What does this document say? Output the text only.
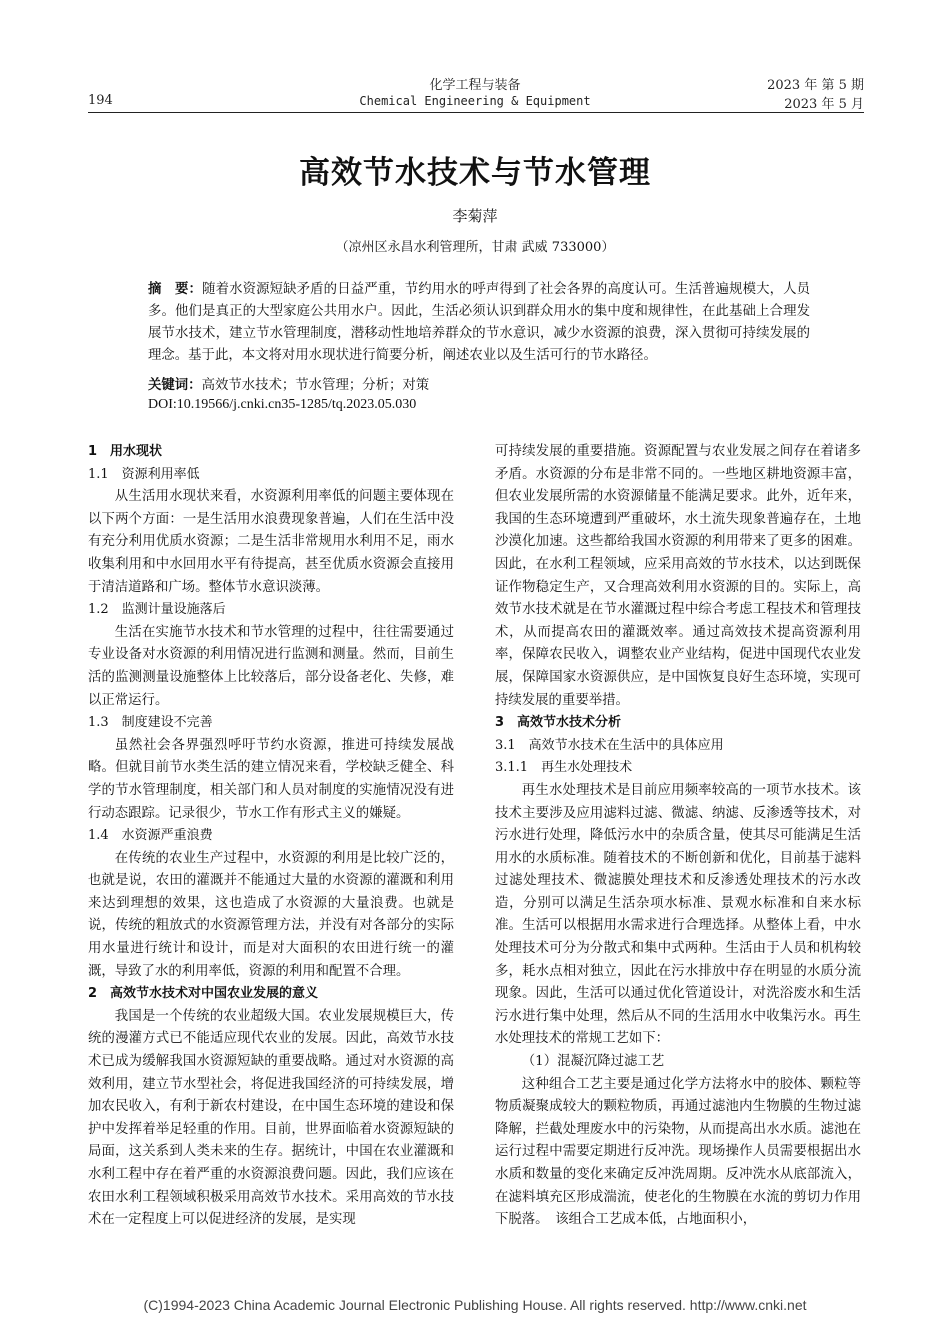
化学工程与装备	2023 年 第 5 期
194	Chemical Engineering & Equipment	2023 年 5 月
高效节水技术与节水管理
李菊萍
（凉州区永昌水利管理所，甘肃 武威 733000）
摘　要：随着水资源短缺矛盾的日益严重，节约用水的呼声得到了社会各界的高度认可。生活普遍规模大，人员多。他们是真正的大型家庭公共用水户。因此，生活必须认识到群众用水的集中度和规律性，在此基础上合理发展节水技术，建立节水管理制度，潜移动性地培养群众的节水意识，减少水资源的浪费，深入贯彻可持续发展的理念。基于此，本文将对用水现状进行简要分析，阐述农业以及生活可行的节水路径。
关键词：高效节水技术；节水管理；分析；对策
DOI:10.19566/j.cnki.cn35-1285/tq.2023.05.030

1　用水现状

1.1　资源利用率低

从生活用水现状来看，水资源利用率低的问题主要体现在以下两个方面：一是生活用水浪费现象普遍，人们在生活中没有充分利用优质水资源；二是生活非常规用水利用不足，雨水收集利用和中水回用水平有待提高，甚至优质水资源会直接用于清洁道路和广场。整体节水意识淡薄。

1.2　监测计量设施落后

生活在实施节水技术和节水管理的过程中，往往需要通过专业设备对水资源的利用情况进行监测和测量。然而，目前生活的监测测量设施整体上比较落后，部分设备老化、失修，难以正常运行。

1.3　制度建设不完善

虽然社会各界强烈呼吁节约水资源，推进可持续发展战略。但就目前节水类生活的建立情况来看，学校缺乏健全、科学的节水管理制度，相关部门和人员对制度的实施情况没有进行动态跟踪。记录很少，节水工作有形式主义的嫌疑。

1.4　水资源严重浪费

在传统的农业生产过程中，水资源的利用是比较广泛的，也就是说，农田的灌溉并不能通过大量的水资源的灌溉和利用来达到理想的效果，这也造成了水资源的大量浪费。也就是说，传统的粗放式的水资源管理方法，并没有对各部分的实际用水量进行统计和设计，而是对大面积的农田进行统一的灌溉，导致了水的利用率低，资源的利用和配置不合理。

2　高效节水技术对中国农业发展的意义

我国是一个传统的农业超级大国。农业发展规模巨大，传统的漫灌方式已不能适应现代农业的发展。因此，高效节水技术已成为缓解我国水资源短缺的重要战略。通过对水资源的高效利用，建立节水型社会，将促进我国经济的可持续发展，增加农民收入，有利于新农村建设，在中国生态环境的建设和保护中发挥着举足轻重的作用。目前，世界面临着水资源短缺的局面，这关系到人类未来的生存。据统计，中国在农业灌溉和水利工程中存在着严重的水资源浪费问题。因此，我们应该在农田水利工程领域积极采用高效节水技术。采用高效的节水技术在一定程度上可以促进经济的发展，是实现

可持续发展的重要措施。资源配置与农业发展之间存在着诸多矛盾。水资源的分布是非常不同的。一些地区耕地资源丰富，但农业发展所需的水资源储量不能满足要求。此外，近年来，我国的生态环境遭到严重破坏，水土流失现象普遍存在，土地沙漠化加速。这些都给我国水资源的利用带来了更多的困难。因此，在水利工程领域，应采用高效的节水技术，以达到既保证作物稳定生产，又合理高效利用水资源的目的。实际上，高效节水技术就是在节水灌溉过程中综合考虑工程技术和管理技术，从而提高农田的灌溉效率。通过高效技术提高资源利用率，保障农民收入，调整农业产业结构，促进中国现代农业发展，保障国家水资源供应，是中国恢复良好生态环境，实现可持续发展的重要举措。

3　高效节水技术分析

3.1　高效节水技术在生活中的具体应用

3.1.1　再生水处理技术

再生水处理技术是目前应用频率较高的一项节水技术。该技术主要涉及应用滤料过滤、微滤、纳滤、反渗透等技术，对污水进行处理，降低污水中的杂质含量，使其尽可能满足生活用水的水质标准。随着技术的不断创新和优化，目前基于滤料过滤处理技术、微滤膜处理技术和反渗透处理技术的污水改造，分别可以满足生活杂项水标准、景观水标准和自来水标准。生活可以根据用水需求进行合理选择。从整体上看，中水处理技术可分为分散式和集中式两种。生活由于人员和机构较多，耗水点相对独立，因此在污水排放中存在明显的水质分流现象。因此，生活可以通过优化管道设计，对洗浴废水和生活污水进行集中处理，然后从不同的生活用水中收集污水。再生水处理技术的常规工艺如下：

（1）混凝沉降过滤工艺

这种组合工艺主要是通过化学方法将水中的胶体、颗粒等物质凝聚成较大的颗粒物质，再通过滤池内生物膜的生物过滤降解，拦截处理废水中的污染物，从而提高出水水质。滤池在运行过程中需要定期进行反冲洗。现场操作人员需要根据出水水质和数量的变化来确定反冲洗周期。反冲洗水从底部流入，在滤料填充区形成湍流，使老化的生物膜在水流的剪切力作用下脱落。　该组合工艺成本低，占地面积小，

(C)1994-2023 China Academic Journal Electronic Publishing House. All rights reserved. http://www.cnki.net
